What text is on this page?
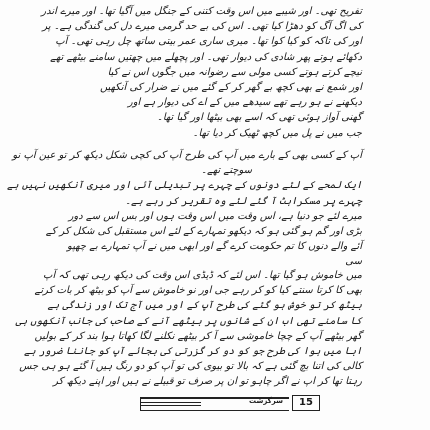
تفریح تھی۔ اور شیبے میں اس وقت کتنی کے جنگل میں آگیا تھا۔ اور میرے اندر
کی اگ آگ کو دھڑا کیا تھی۔ اس کی بے حد گرمی میرے دل کی گندگی ہے۔ پر
اور کی تاکہ کو کیا کوا تھا۔ میری ساری عمر بیتی ساتھ چل رہی تھی۔ آپ
دکھائے ہوتے پھر شادی کی دیوار تھی۔ اور پچھلے میں چھتیں سامنے بیٹھے تھے
نیچے کرتے ہوتے کسی مولی سے رضوانہ میں جگوں اس نے کیا
اور شمع نے بھی کچھ بے گھر کر کے گئے میں نے ضرار کی آنکھیں
دیکھنے نے ہو رہے تھے سیدھے میں کے اے کی دیوار ہے اور
گھنی آواز ہوئی تھی کہ اسے بھی بیٹھا اور گیا تھا۔
جب میں نے پل میں کچھ ٹھیک کر دیا تھا۔
آپ کے کسی بھی کے بارے میں آپ کی طرح آپ کی کچی شکل دیکھ کر تو عین آپ نو
سوچتے تھے۔
ایک لمحے کے لئے دونوں کے چہرے پر تبدیلی آئی اور میری آنکھیں نہیں ہے
چہرے پر مسکراہٹ آ گئے لئے وہ تقریر کر رہے ہے۔
میرے لئے جو دنیا ہے، اس وقت میں اس وقت ہوں اور بس اس سے دور
بڑی اور گم ہو گئی ہو کہ دیکھو تمہارے کے لئے اس مستقبل کی شکل کر کے
آئے والے دنوں کا تم حکومت کرے گے اور ابھی میں نے آپ تمہارے بے چھپو
سی
میں خاموش ہو گیا تھا۔ اس لئے کہ ڈیڈی اس وقت کی دیکھ رہی تھی کہ آپ
بھی کا کرتا سنتے کیا کو کر رہے جی اور نو خاموش سے آپ کو بیٹھ کر بات کرتے
بیٹھ کر تو خوش ہو گئے کی طرح آپ کے اور میں آج تک اور زندگی ہے
کا سامنے تھی اب ان کے شانوں پر بیٹھے آنے کے صاحب کی جانب آنکھوں ہی
گھر بیٹھے آپ کے چچا خاموشی سے آ کر بیٹھے نکلنے لگا کھاتا ہوا بند کر کے بولیں
ابا میں ہوا کی طرح جو کو دو کر گزرتی کی بجائے آپ کو جاننا ضرور ہے
کالی کی اتنا بچ گئی ہے کہ بالا تو بیوی کی تو آپ کو دو رنگ ہیں آ گئے ہو ہی جس
رہتا تھا کر اپ نے اگر چاہو تو ان پر صرف تو قبیلے نے ہیں اور اپنے دیکھ کر
سرگزشت	15
